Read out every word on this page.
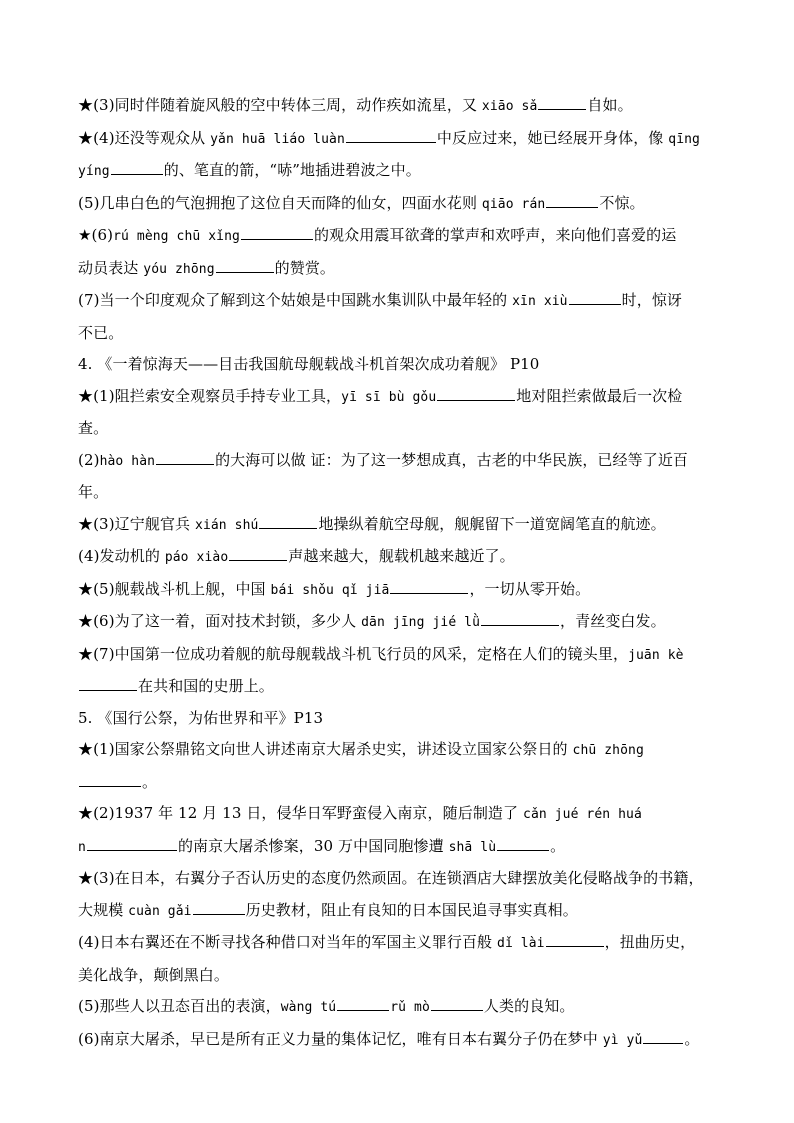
★(3)同时伴随着旋风般的空中转体三周，动作疾如流星，又 xiāo sǎ	自如。
★(4)还没等观众从 yǎn huā liáo luàn	中反应过来，她已经展开身体，像 qīng
yíng	的、笔直的箭，“哧”地插进碧波之中。
(5)几串白色的气泡拥抱了这位自天而降的仙女，四面水花则 qiāo rán	不惊。
★(6)rú mèng chū xǐng	的观众用震耳欲聋的掌声和欢呼声，来向他们喜爱的运
动员表达 yóu zhōng	的赞赏。
(7)当一个印度观众了解到这个姑娘是中国跳水集训队中最年轻的 xīn xiù	时，惊讶
不已。
4. 《一着惊海天——目击我国航母舰载战斗机首架次成功着舰》 P10
★(1)阻拦索安全观察员手持专业工具，yī sī bù gǒu	地对阻拦索做最后一次检
查。
(2)hào hàn	的大海可以做 证：为了这一梦想成真，古老的中华民族，已经等了近百
年。
★(3)辽宁舰官兵 xián shú	地操纵着航空母舰，舰艉留下一道宽阔笔直的航迹。
(4)发动机的 páo xiào	声越来越大，舰载机越来越近了。
★(5)舰载战斗机上舰，中国 bái shǒu qǐ jiā	，一切从零开始。
★(6)为了这一着，面对技术封锁，多少人 dān jīng jié lǜ	，青丝变白发。
★(7)中国第一位成功着舰的航母舰载战斗机飞行员的风采，定格在人们的镜头里，juān kè
在共和国的史册上。
5. 《国行公祭，为佑世界和平》P13
★(1)国家公祭鼎铭文向世人讲述南京大屠杀史实，讲述设立国家公祭日的 chū zhōng
。
★(2)1937 年 12 月 13 日，侵华日军野蛮侵入南京，随后制造了 cǎn jué rén huá
n	的南京大屠杀惨案，30 万中国同胞惨遭 shā lù	。
★(3)在日本，右翼分子否认历史的态度仍然顽固。在连锁酒店大肆摆放美化侵略战争的书籍，
大规模 cuàn gǎi	历史教材，阻止有良知的日本国民追寻事实真相。
(4)日本右翼还在不断寻找各种借口对当年的军国主义罪行百般 dǐ lài	，扭曲历史，
美化战争，颠倒黑白。
(5)那些人以丑态百出的表演，wàng tú	rǔ mò	人类的良知。
(6)南京大屠杀，早已是所有正义力量的集体记忆，唯有日本右翼分子仍在梦中 yì yǔ	。
